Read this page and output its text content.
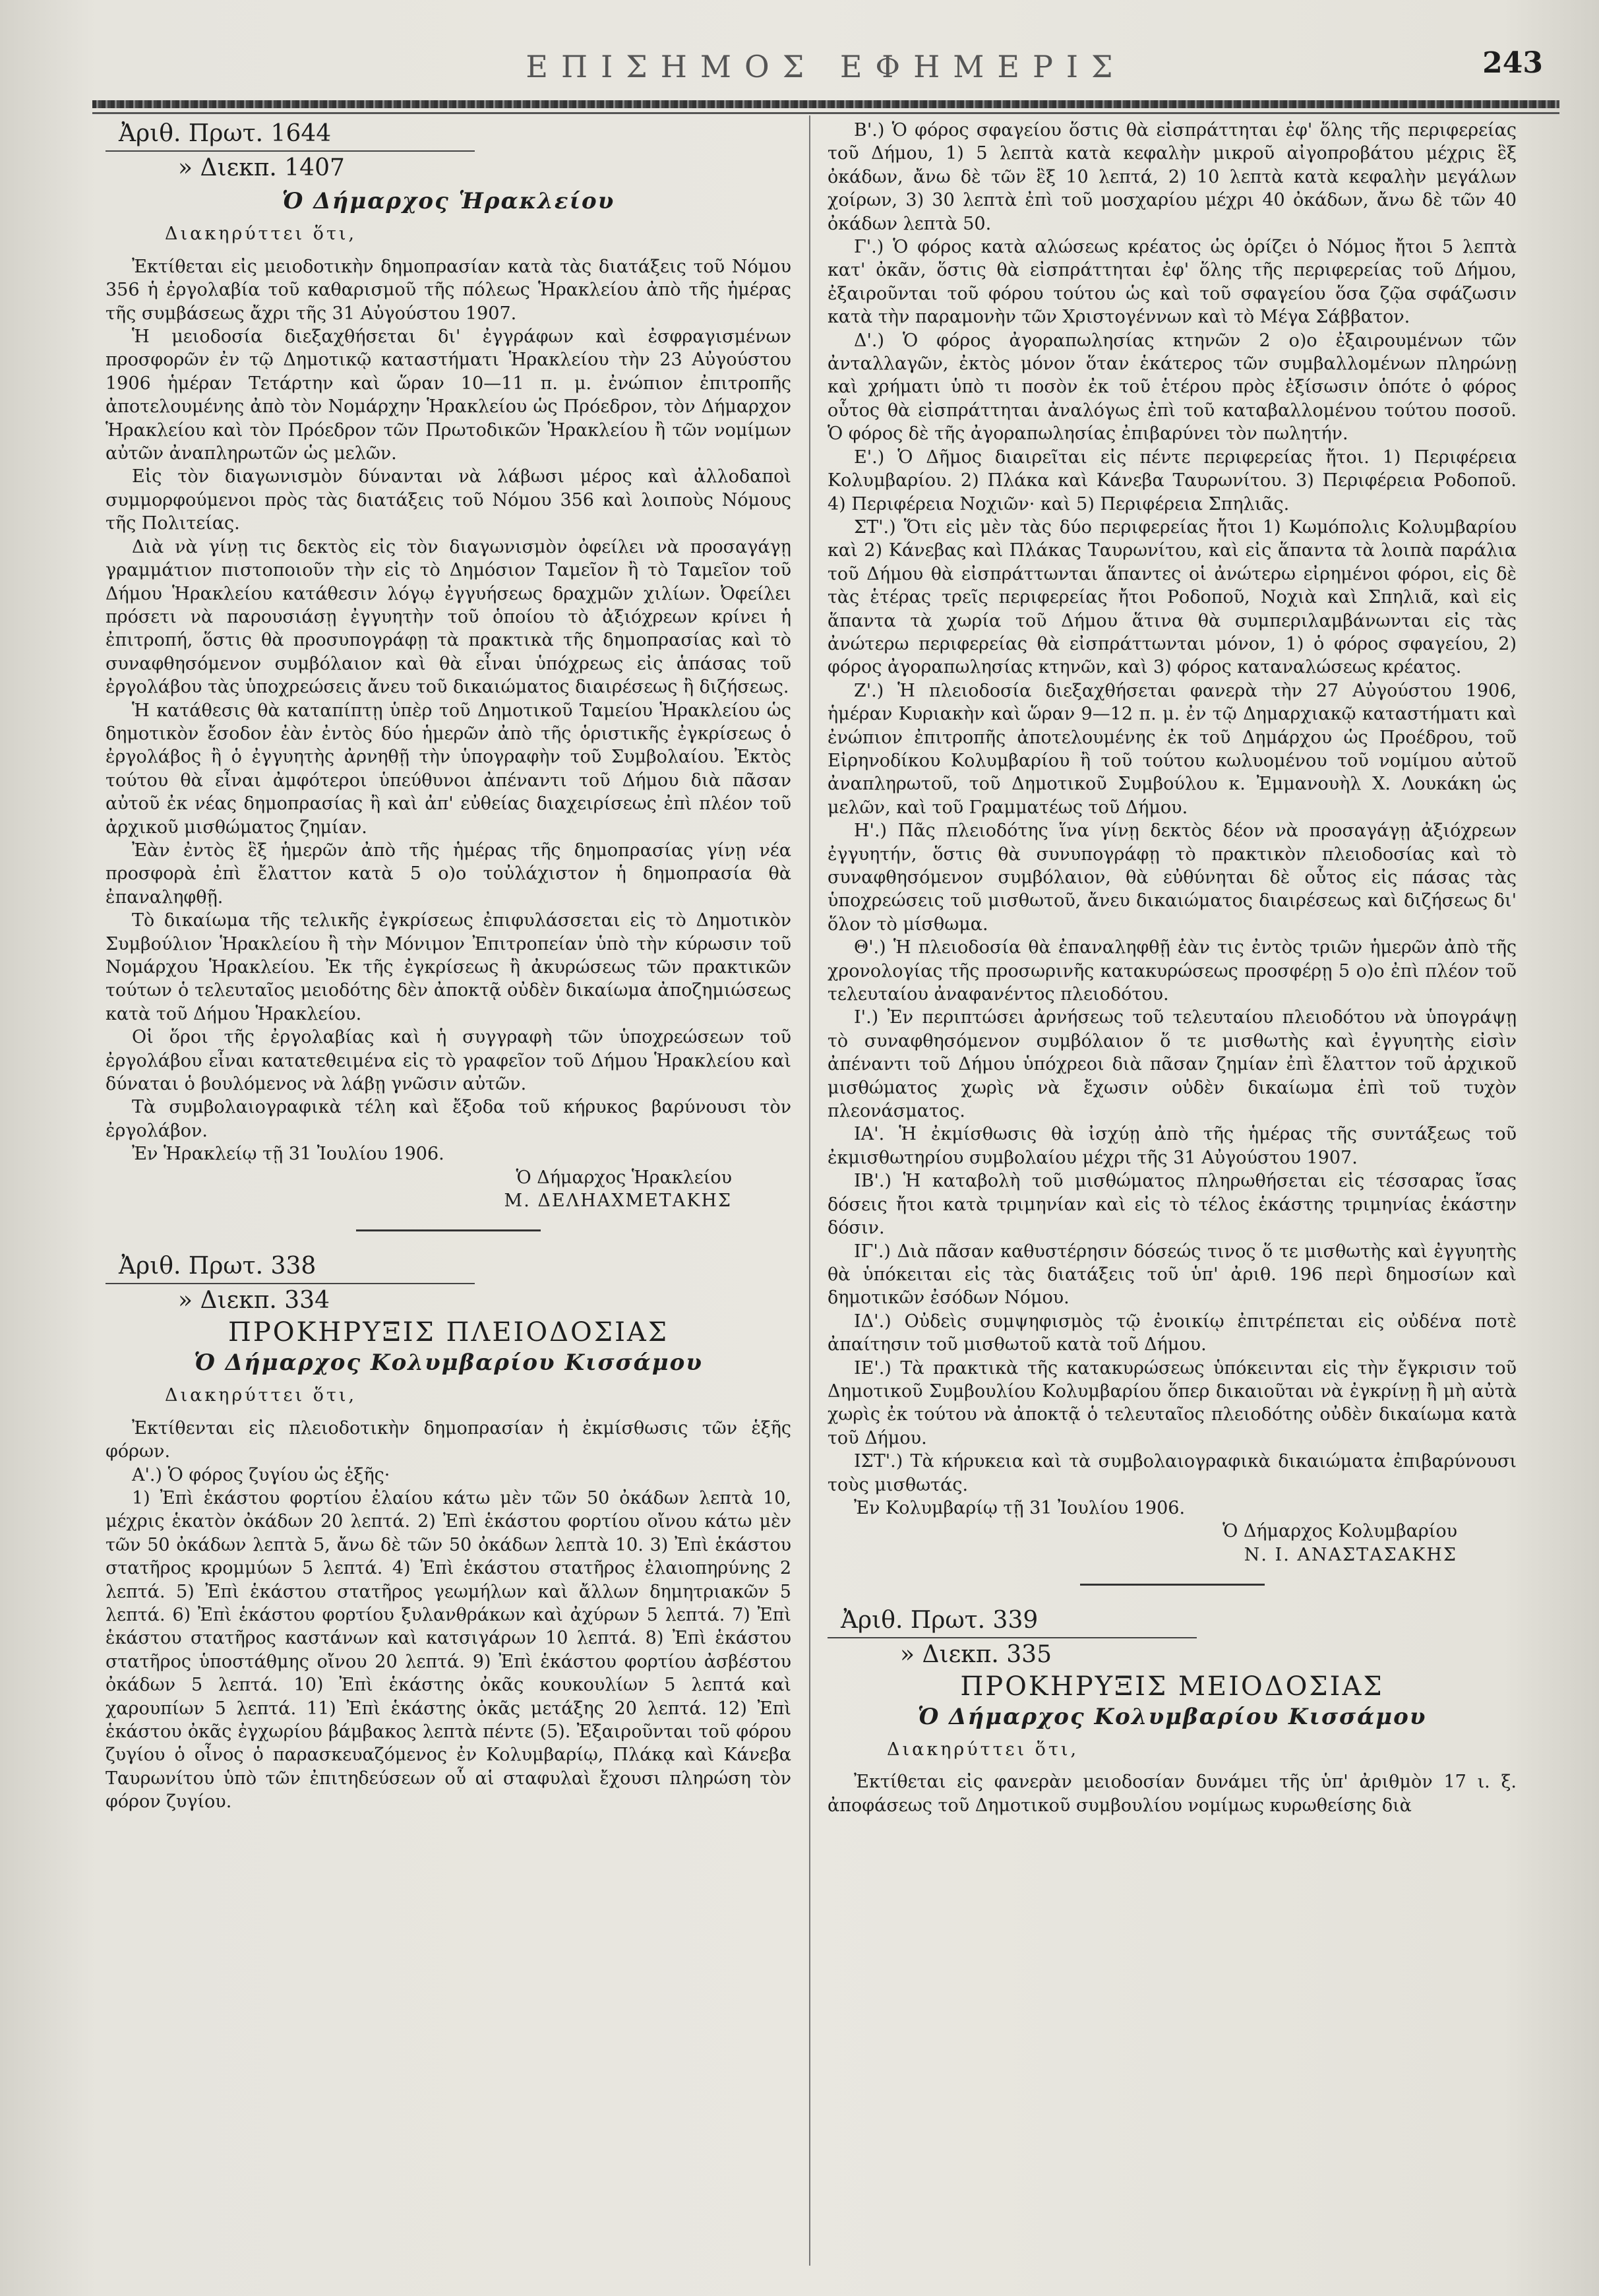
ΕΠΙΣΗΜΟΣ ΕΦΗΜΕΡΙΣ	243

Ἀριθ. Πρωτ. 1644

» Διεκπ. 1407

Ὁ Δήμαρχος Ἡρακλείου

Διακηρύττει ὅτι,

Ἐκτίθεται εἰς μειοδοτικὴν δημοπρασίαν κατὰ τὰς διατάξεις τοῦ Νόμου 356 ἡ ἐργολαβία τοῦ καθαρισμοῦ τῆς πόλεως Ἡρακλείου ἀπὸ τῆς ἡμέρας τῆς συμβάσεως ἄχρι τῆς 31 Αὐγούστου 1907.

Ἡ μειοδοσία διεξαχθήσεται δι' ἐγγράφων καὶ ἐσφραγισμένων προσφορῶν ἐν τῷ Δημοτικῷ καταστήματι Ἡρακλείου τὴν 23 Αὐγούστου 1906 ἡμέραν Τετάρτην καὶ ὥραν 10—11 π. μ. ἐνώπιον ἐπιτροπῆς ἀποτελουμένης ἀπὸ τὸν Νομάρχην Ἡρακλείου ὡς Πρόεδρον, τὸν Δήμαρχον Ἡρακλείου καὶ τὸν Πρόεδρον τῶν Πρωτοδικῶν Ἡρακλείου ἢ τῶν νομίμων αὐτῶν ἀναπληρωτῶν ὡς μελῶν.

Εἰς τὸν διαγωνισμὸν δύνανται νὰ λάβωσι μέρος καὶ ἀλλοδαποὶ συμμορφούμενοι πρὸς τὰς διατάξεις τοῦ Νόμου 356 καὶ λοιποὺς Νόμους τῆς Πολιτείας.

Διὰ νὰ γίνῃ τις δεκτὸς εἰς τὸν διαγωνισμὸν ὀφείλει νὰ προσαγάγῃ γραμμάτιον πιστοποιοῦν τὴν εἰς τὸ Δημόσιον Ταμεῖον ἢ τὸ Ταμεῖον τοῦ Δήμου Ἡρακλείου κατάθεσιν λόγῳ ἐγγυήσεως δραχμῶν χιλίων. Ὀφείλει πρόσετι νὰ παρουσιάσῃ ἐγγυητὴν τοῦ ὁποίου τὸ ἀξιόχρεων κρίνει ἡ ἐπιτροπή, ὅστις θὰ προσυπογράφῃ τὰ πρακτικὰ τῆς δημοπρασίας καὶ τὸ συναφθησόμενον συμβόλαιον καὶ θὰ εἶναι ὑπόχρεως εἰς ἁπάσας τοῦ ἐργολάβου τὰς ὑποχρεώσεις ἄνευ τοῦ δικαιώματος διαιρέσεως ἢ διζήσεως.

Ἡ κατάθεσις θὰ καταπίπτῃ ὑπὲρ τοῦ Δημοτικοῦ Ταμείου Ἡρακλείου ὡς δημοτικὸν ἔσοδον ἐὰν ἐντὸς δύο ἡμερῶν ἀπὸ τῆς ὁριστικῆς ἐγκρίσεως ὁ ἐργολάβος ἢ ὁ ἐγγυητὴς ἀρνηθῇ τὴν ὑπογραφὴν τοῦ Συμβολαίου. Ἐκτὸς τούτου θὰ εἶναι ἀμφότεροι ὑπεύθυνοι ἀπέναντι τοῦ Δήμου διὰ πᾶσαν αὐτοῦ ἐκ νέας δημοπρασίας ἢ καὶ ἀπ' εὐθείας διαχειρίσεως ἐπὶ πλέον τοῦ ἀρχικοῦ μισθώματος ζημίαν.

Ἐὰν ἐντὸς ἓξ ἡμερῶν ἀπὸ τῆς ἡμέρας τῆς δημοπρασίας γίνῃ νέα προσφορὰ ἐπὶ ἔλαττον κατὰ 5 ο)ο τοὐλάχιστον ἡ δημοπρασία θὰ ἐπαναληφθῇ.

Τὸ δικαίωμα τῆς τελικῆς ἐγκρίσεως ἐπιφυλάσσεται εἰς τὸ Δημοτικὸν Συμβούλιον Ἡρακλείου ἢ τὴν Μόνιμον Ἐπιτροπείαν ὑπὸ τὴν κύρωσιν τοῦ Νομάρχου Ἡρακλείου. Ἐκ τῆς ἐγκρίσεως ἢ ἀκυρώσεως τῶν πρακτικῶν τούτων ὁ τελευταῖος μειοδότης δὲν ἀποκτᾷ οὐδὲν δικαίωμα ἀποζημιώσεως κατὰ τοῦ Δήμου Ἡρακλείου.

Οἱ ὅροι τῆς ἐργολαβίας καὶ ἡ συγγραφὴ τῶν ὑποχρεώσεων τοῦ ἐργολάβου εἶναι κατατεθειμένα εἰς τὸ γραφεῖον τοῦ Δήμου Ἡρακλείου καὶ δύναται ὁ βουλόμενος νὰ λάβῃ γνῶσιν αὐτῶν.

Τὰ συμβολαιογραφικὰ τέλη καὶ ἔξοδα τοῦ κήρυκος βαρύνουσι τὸν ἐργολάβον.

Ἐν Ἡρακλείῳ τῇ 31 Ἰουλίου 1906.

Ὁ Δήμαρχος Ἡρακλείου

Μ. ΔΕΛΗΑΧΜΕΤΑΚΗΣ

Ἀριθ. Πρωτ. 338

» Διεκπ. 334

ΠΡΟΚΗΡΥΞΙΣ ΠΛΕΙΟΔΟΣΙΑΣ

Ὁ Δήμαρχος Κολυμβαρίου Κισσάμου

Διακηρύττει ὅτι,

Ἐκτίθενται εἰς πλειοδοτικὴν δημοπρασίαν ἡ ἐκμίσθωσις τῶν ἑξῆς φόρων.

Α'.) Ὁ φόρος ζυγίου ὡς ἑξῆς·

1) Ἐπὶ ἑκάστου φορτίου ἐλαίου κάτω μὲν τῶν 50 ὀκάδων λεπτὰ 10, μέχρις ἑκατὸν ὀκάδων 20 λεπτά. 2) Ἐπὶ ἑκάστου φορτίου οἴνου κάτω μὲν τῶν 50 ὀκάδων λεπτὰ 5, ἄνω δὲ τῶν 50 ὀκάδων λεπτὰ 10. 3) Ἐπὶ ἑκάστου στατῆρος κρομμύων 5 λεπτά. 4) Ἐπὶ ἑκάστου στατῆρος ἐλαιοπηρύνης 2 λεπτά. 5) Ἐπὶ ἑκάστου στατῆρος γεωμήλων καὶ ἄλλων δημητριακῶν 5 λεπτά. 6) Ἐπὶ ἑκάστου φορτίου ξυλανθράκων καὶ ἀχύρων 5 λεπτά. 7) Ἐπὶ ἑκάστου στατῆρος καστάνων καὶ κατσιγάρων 10 λεπτά. 8) Ἐπὶ ἑκάστου στατῆρος ὑποστάθμης οἴνου 20 λεπτά. 9) Ἐπὶ ἑκάστου φορτίου ἀσβέστου ὀκάδων 5 λεπτά. 10) Ἐπὶ ἑκάστης ὀκᾶς κουκουλίων 5 λεπτά καὶ χαρουπίων 5 λεπτά. 11) Ἐπὶ ἑκάστης ὀκᾶς μετάξης 20 λεπτά. 12) Ἐπὶ ἑκάστου ὀκᾶς ἐγχωρίου βάμβακος λεπτὰ πέντε (5). Ἐξαιροῦνται τοῦ φόρου ζυγίου ὁ οἶνος ὁ παρασκευαζόμενος ἐν Κολυμβαρίῳ, Πλάκᾳ καὶ Κάνεβα Ταυρωνίτου ὑπὸ τῶν ἐπιτηδεύσεων οὗ αἱ σταφυλαὶ ἔχουσι πληρώση τὸν φόρον ζυγίου.

Β'.) Ὁ φόρος σφαγείου ὅστις θὰ εἰσπράττηται ἐφ' ὅλης τῆς περιφερείας τοῦ Δήμου, 1) 5 λεπτὰ κατὰ κεφαλὴν μικροῦ αἰγοπροβάτου μέχρις ἓξ ὀκάδων, ἄνω δὲ τῶν ἓξ 10 λεπτά, 2) 10 λεπτὰ κατὰ κεφαλὴν μεγάλων χοίρων, 3) 30 λεπτὰ ἐπὶ τοῦ μοσχαρίου μέχρι 40 ὀκάδων, ἄνω δὲ τῶν 40 ὀκάδων λεπτὰ 50.

Γ'.) Ὁ φόρος κατὰ αλώσεως κρέατος ὡς ὁρίζει ὁ Νόμος ἤτοι 5 λεπτὰ κατ' ὀκᾶν, ὅστις θὰ εἰσπράττηται ἐφ' ὅλης τῆς περιφερείας τοῦ Δήμου, ἐξαιροῦνται τοῦ φόρου τούτου ὡς καὶ τοῦ σφαγείου ὅσα ζῷα σφάζωσιν κατὰ τὴν παραμονὴν τῶν Χριστογέννων καὶ τὸ Μέγα Σάββατον.

Δ'.) Ὁ φόρος ἀγοραπωλησίας κτηνῶν 2 ο)ο ἐξαιρουμένων τῶν ἀνταλλαγῶν, ἐκτὸς μόνον ὅταν ἑκάτερος τῶν συμβαλλομένων πληρώνῃ καὶ χρήματι ὑπὸ τι ποσὸν ἐκ τοῦ ἑτέρου πρὸς ἐξίσωσιν ὁπότε ὁ φόρος οὗτος θὰ εἰσπράττηται ἀναλόγως ἐπὶ τοῦ καταβαλλομένου τούτου ποσοῦ. Ὁ φόρος δὲ τῆς ἀγοραπωλησίας ἐπιβαρύνει τὸν πωλητήν.

Ε'.) Ὁ Δῆμος διαιρεῖται εἰς πέντε περιφερείας ἤτοι. 1) Περιφέρεια Κολυμβαρίου. 2) Πλάκα καὶ Κάνεβα Ταυρωνίτου. 3) Περιφέρεια Ροδοποῦ. 4) Περιφέρεια Νοχιῶν· καὶ 5) Περιφέρεια Σπηλιᾶς.

ΣΤ'.) Ὅτι εἰς μὲν τὰς δύο περιφερείας ἤτοι 1) Κωμόπολις Κολυμβαρίου καὶ 2) Κάνεβας καὶ Πλάκας Ταυρωνίτου, καὶ εἰς ἅπαντα τὰ λοιπὰ παράλια τοῦ Δήμου θὰ εἰσπράττωνται ἅπαντες οἱ ἀνώτερω εἰρημένοι φόροι, εἰς δὲ τὰς ἑτέρας τρεῖς περιφερείας ἤτοι Ροδοποῦ, Νοχιὰ καὶ Σπηλιᾶ, καὶ εἰς ἅπαντα τὰ χωρία τοῦ Δήμου ἅτινα θὰ συμπεριλαμβάνωνται εἰς τὰς ἀνώτερω περιφερείας θὰ εἰσπράττωνται μόνον, 1) ὁ φόρος σφαγείου, 2) φόρος ἀγοραπωλησίας κτηνῶν, καὶ 3) φόρος καταναλώσεως κρέατος.

Ζ'.) Ἡ πλειοδοσία διεξαχθήσεται φανερὰ τὴν 27 Αὐγούστου 1906, ἡμέραν Κυριακὴν καὶ ὥραν 9—12 π. μ. ἐν τῷ Δημαρχιακῷ καταστήματι καὶ ἐνώπιον ἐπιτροπῆς ἀποτελουμένης ἐκ τοῦ Δημάρχου ὡς Προέδρου, τοῦ Εἰρηνοδίκου Κολυμβαρίου ἢ τοῦ τούτου κωλυομένου τοῦ νομίμου αὐτοῦ ἀναπληρωτοῦ, τοῦ Δημοτικοῦ Συμβούλου κ. Ἐμμανουὴλ Χ. Λουκάκη ὡς μελῶν, καὶ τοῦ Γραμματέως τοῦ Δήμου.

Η'.) Πᾶς πλειοδότης ἵνα γίνῃ δεκτὸς δέον νὰ προσαγάγῃ ἀξιόχρεων ἐγγυητήν, ὅστις θὰ συνυπογράφῃ τὸ πρακτικὸν πλειοδοσίας καὶ τὸ συναφθησόμενον συμβόλαιον, θὰ εὐθύνηται δὲ οὗτος εἰς πάσας τὰς ὑποχρεώσεις τοῦ μισθωτοῦ, ἄνευ δικαιώματος διαιρέσεως καὶ διζήσεως δι' ὅλον τὸ μίσθωμα.

Θ'.) Ἡ πλειοδοσία θὰ ἐπαναληφθῇ ἐὰν τις ἐντὸς τριῶν ἡμερῶν ἀπὸ τῆς χρονολογίας τῆς προσωρινῆς κατακυρώσεως προσφέρῃ 5 ο)ο ἐπὶ πλέον τοῦ τελευταίου ἀναφανέντος πλειοδότου.

Ι'.) Ἐν περιπτώσει ἀρνήσεως τοῦ τελευταίου πλειοδότου νὰ ὑπογράψῃ τὸ συναφθησόμενον συμβόλαιον ὅ τε μισθωτὴς καὶ ἐγγυητὴς εἰσὶν ἀπέναντι τοῦ Δήμου ὑπόχρεοι διὰ πᾶσαν ζημίαν ἐπὶ ἔλαττον τοῦ ἀρχικοῦ μισθώματος χωρὶς νὰ ἔχωσιν οὐδὲν δικαίωμα ἐπὶ τοῦ τυχὸν πλεονάσματος.

ΙΑ'. Ἡ ἐκμίσθωσις θὰ ἰσχύῃ ἀπὸ τῆς ἡμέρας τῆς συντάξεως τοῦ ἐκμισθωτηρίου συμβολαίου μέχρι τῆς 31 Αὐγούστου 1907.

ΙΒ'.) Ἡ καταβολὴ τοῦ μισθώματος πληρωθήσεται εἰς τέσσαρας ἴσας δόσεις ἤτοι κατὰ τριμηνίαν καὶ εἰς τὸ τέλος ἑκάστης τριμηνίας ἑκάστην δόσιν.

ΙΓ'.) Διὰ πᾶσαν καθυστέρησιν δόσεώς τινος ὅ τε μισθωτὴς καὶ ἐγγυητὴς θὰ ὑπόκειται εἰς τὰς διατάξεις τοῦ ὑπ' ἀριθ. 196 περὶ δημοσίων καὶ δημοτικῶν ἐσόδων Νόμου.

ΙΔ'.) Οὐδεὶς συμψηφισμὸς τῷ ἐνοικίῳ ἐπιτρέπεται εἰς οὐδένα ποτὲ ἀπαίτησιν τοῦ μισθωτοῦ κατὰ τοῦ Δήμου.

ΙΕ'.) Τὰ πρακτικὰ τῆς κατακυρώσεως ὑπόκεινται εἰς τὴν ἔγκρισιν τοῦ Δημοτικοῦ Συμβουλίου Κολυμβαρίου ὅπερ δικαιοῦται νὰ ἐγκρίνῃ ἢ μὴ αὐτὰ χωρὶς ἐκ τούτου νὰ ἀποκτᾷ ὁ τελευταῖος πλειοδότης οὐδὲν δικαίωμα κατὰ τοῦ Δήμου.

ΙΣΤ'.) Τὰ κήρυκεια καὶ τὰ συμβολαιογραφικὰ δικαιώματα ἐπιβαρύνουσι τοὺς μισθωτάς.

Ἐν Κολυμβαρίῳ τῇ 31 Ἰουλίου 1906.

Ὁ Δήμαρχος Κολυμβαρίου

Ν. Ι. ΑΝΑΣΤΑΣΑΚΗΣ

Ἀριθ. Πρωτ. 339

» Διεκπ. 335

ΠΡΟΚΗΡΥΞΙΣ ΜΕΙΟΔΟΣΙΑΣ

Ὁ Δήμαρχος Κολυμβαρίου Κισσάμου

Διακηρύττει ὅτι,

Ἐκτίθεται εἰς φανερὰν μειοδοσίαν δυνάμει τῆς ὑπ' ἀριθμὸν 17 ι. ξ. ἀποφάσεως τοῦ Δημοτικοῦ συμβουλίου νομίμως κυρωθείσης διὰ
